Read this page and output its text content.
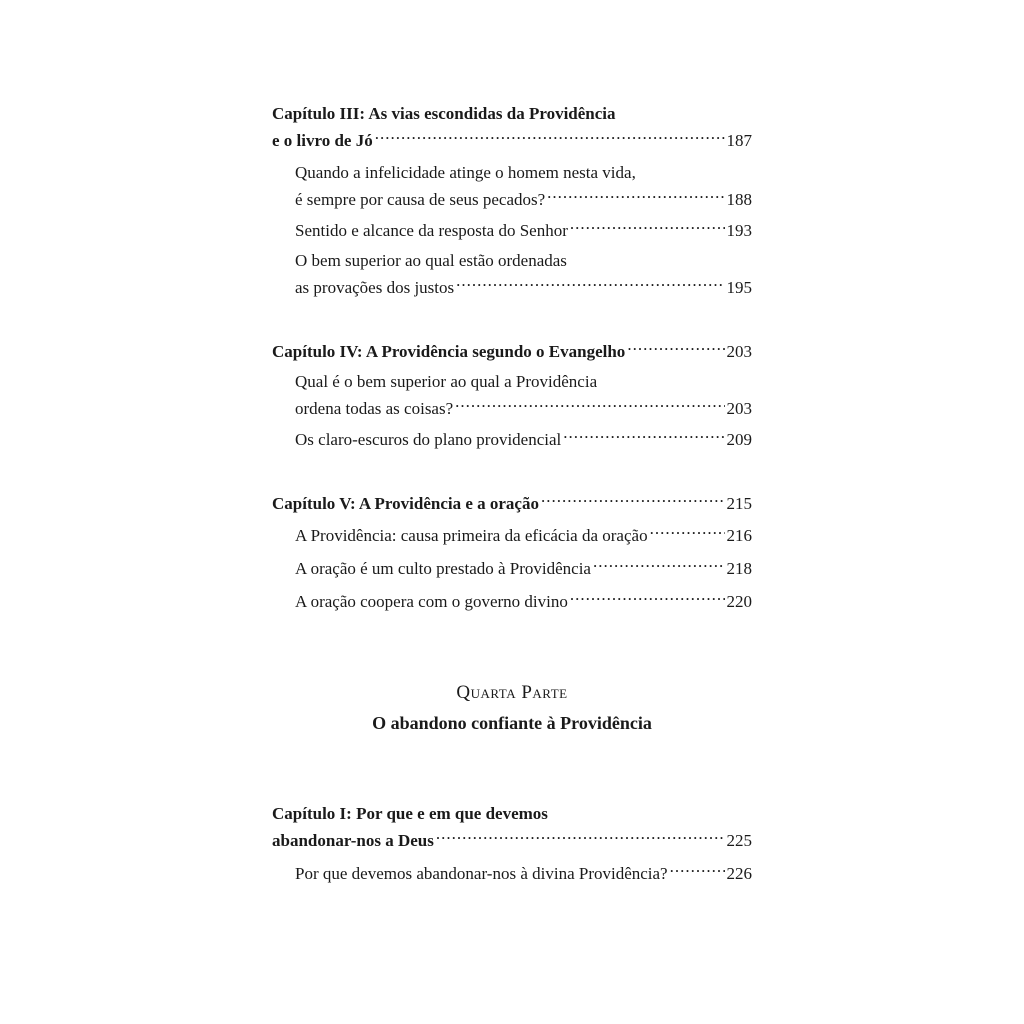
Capítulo III: As vias escondidas da Providência
e o livro de Jó .....	187
Quando a infelicidade atinge o homem nesta vida,
é sempre por causa de seus pecados? .....	188
Sentido e alcance da resposta do Senhor .....	193
O bem superior ao qual estão ordenadas
as provações dos justos .....	195
Capítulo IV: A Providência segundo o Evangelho .....	203
Qual é o bem superior ao qual a Providência
ordena todas as coisas? .....	203
Os claro-escuros do plano providencial .....	209
Capítulo V: A Providência e a oração .....	215
A Providência: causa primeira da eficácia da oração .....	216
A oração é um culto prestado à Providência .....	218
A oração coopera com o governo divino .....	220
Quarta Parte
O abandono confiante à Providência
Capítulo I: Por que e em que devemos
abandonar-nos a Deus .....	225
Por que devemos abandonar-nos à divina Providência? .....	226
